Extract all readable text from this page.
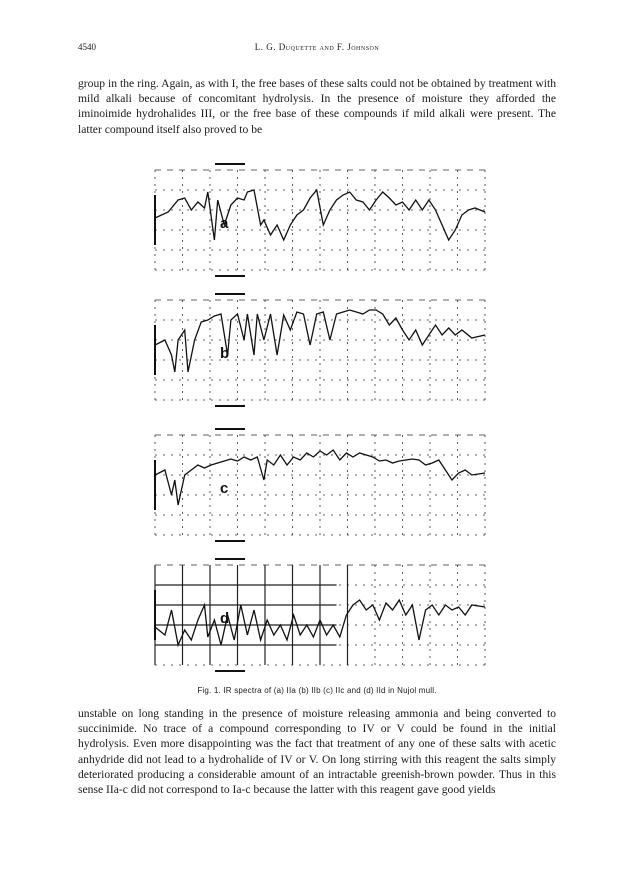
4540	L. G. Duquette and F. Johnson

group in the ring. Again, as with I, the free bases of these salts could not be obtained by treatment with mild alkali because of concomitant hydrolysis. In the presence of moisture they afforded the iminoimide hydrohalides III, or the free base of these compounds if mild alkali were present. The latter compound itself also proved to be

a
b
c
d
Fig. 1. IR spectra of (a) IIa (b) IIb (c) IIc and (d) IId in Nujol mull.

unstable on long standing in the presence of moisture releasing ammonia and being converted to succinimide. No trace of a compound corresponding to IV or V could be found in the initial hydrolysis. Even more disappointing was the fact that treatment of any one of these salts with acetic anhydride did not lead to a hydrohalide of IV or V. On long stirring with this reagent the salts simply deteriorated producing a considerable amount of an intractable greenish-brown powder. Thus in this sense IIa-c did not correspond to Ia-c because the latter with this reagent gave good yields
